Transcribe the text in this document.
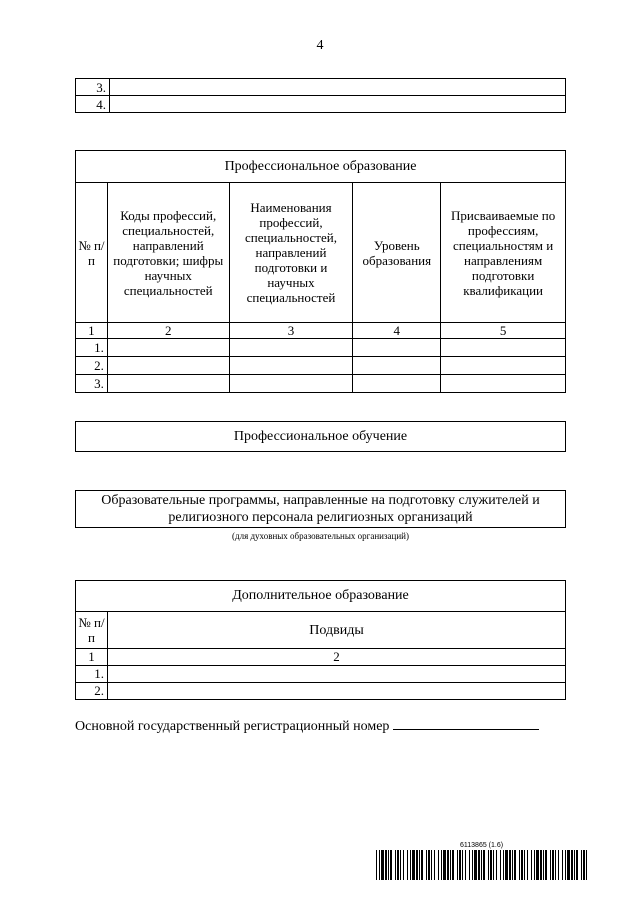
4
3.	
4.	
Профессиональное образование				
№ п/п	Коды профессий, специальностей, направлений подготовки; шифры научных специальностей	Наименования профессий, специальностей, направлений подготовки и научных специальностей	Уровень образования	Присваиваемые по профессиям, специальностям и направлениям подготовки квалификации
1	2	3	4	5
1.				
2.				
3.				
Профессиональное обучение
Образовательные программы, направленные на подготовку служителей и религиозного персонала религиозных организаций
(для духовных образовательных организаций)
Дополнительное образование	
№ п/п	Подвиды
1	2
1.	
2.	
Основной государственный регистрационный номер
6113865 (1.6)
